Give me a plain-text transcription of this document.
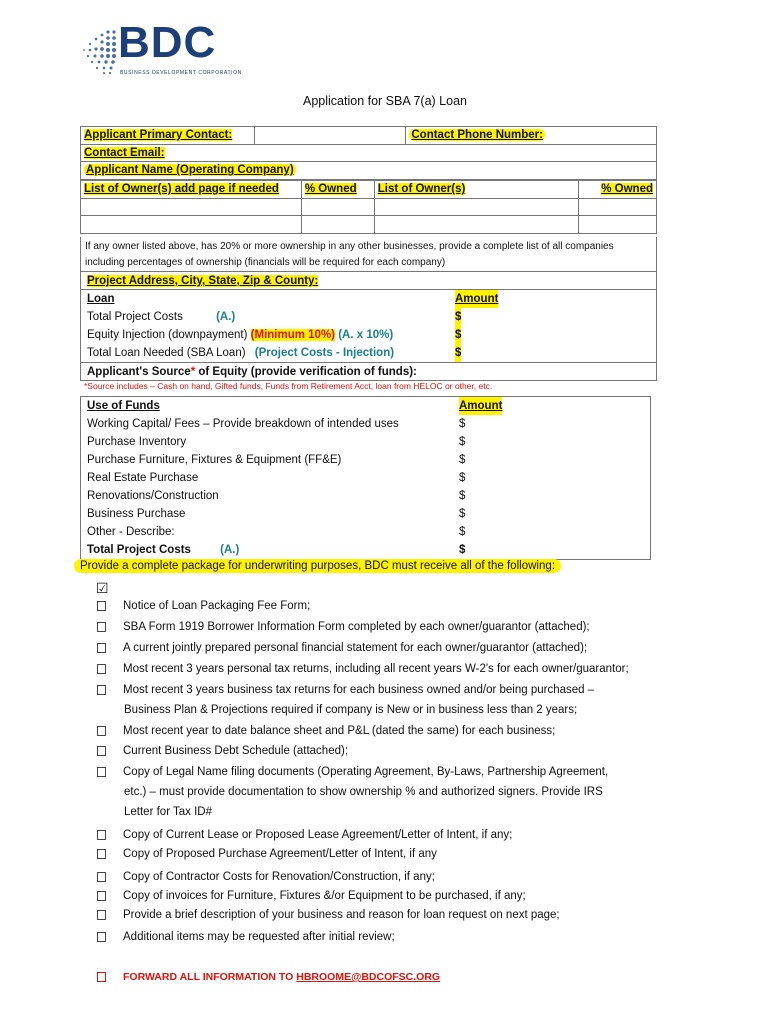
BDC
BUSINESS DEVELOPMENT CORPORATION
Application for SBA 7(a) Loan
Applicant Primary Contact:		Contact Phone Number:	
Contact Email:
Applicant Name (Operating Company)
List of Owner(s) add page if needed	% Owned	List of Owner(s)	% Owned

If any owner listed above, has 20% or more ownership in any other businesses, provide a complete list of all companies including percentages of ownership (financials will be required for each company)
Project Address, City, State, Zip & County:
Loan	Amount
Total Project Costs	(A.)	$
Equity Injection (downpayment) (Minimum 10%) (A. x 10%)	$
Total Loan Needed (SBA Loan) (Project Costs - Injection)	$
Applicant's Source* of Equity (provide verification of funds):
*Source includes – Cash on hand, Gifted funds, Funds from Retirement Acct, loan from HELOC or other, etc.
Use of Funds	Amount
Working Capital/ Fees – Provide breakdown of intended uses	$
Purchase Inventory	$
Purchase Furniture, Fixtures & Equipment (FF&E)	$
Real Estate Purchase	$
Renovations/Construction	$
Business Purchase	$
Other - Describe:	$
Total Project Costs	(A.)	$
Provide a complete package for underwriting purposes, BDC must receive all of the following:
☑
Notice of Loan Packaging Fee Form;
SBA Form 1919 Borrower Information Form completed by each owner/guarantor (attached);
A current jointly prepared personal financial statement for each owner/guarantor (attached);
Most recent 3 years personal tax returns, including all recent years W-2's for each owner/guarantor;
Most recent 3 years business tax returns for each business owned and/or being purchased –
Business Plan & Projections required if company is New or in business less than 2 years;
Most recent year to date balance sheet and P&L (dated the same) for each business;
Current Business Debt Schedule (attached);
Copy of Legal Name filing documents (Operating Agreement, By-Laws, Partnership Agreement,
etc.) – must provide documentation to show ownership % and authorized signers. Provide IRS
Letter for Tax ID#
Copy of Current Lease or Proposed Lease Agreement/Letter of Intent, if any;
Copy of Proposed Purchase Agreement/Letter of Intent, if any
Copy of Contractor Costs for Renovation/Construction, if any;
Copy of invoices for Furniture, Fixtures &/or Equipment to be purchased, if any;
Provide a brief description of your business and reason for loan request on next page;
Additional items may be requested after initial review;
FORWARD ALL INFORMATION TO HBROOME@BDCOFSC.ORG
